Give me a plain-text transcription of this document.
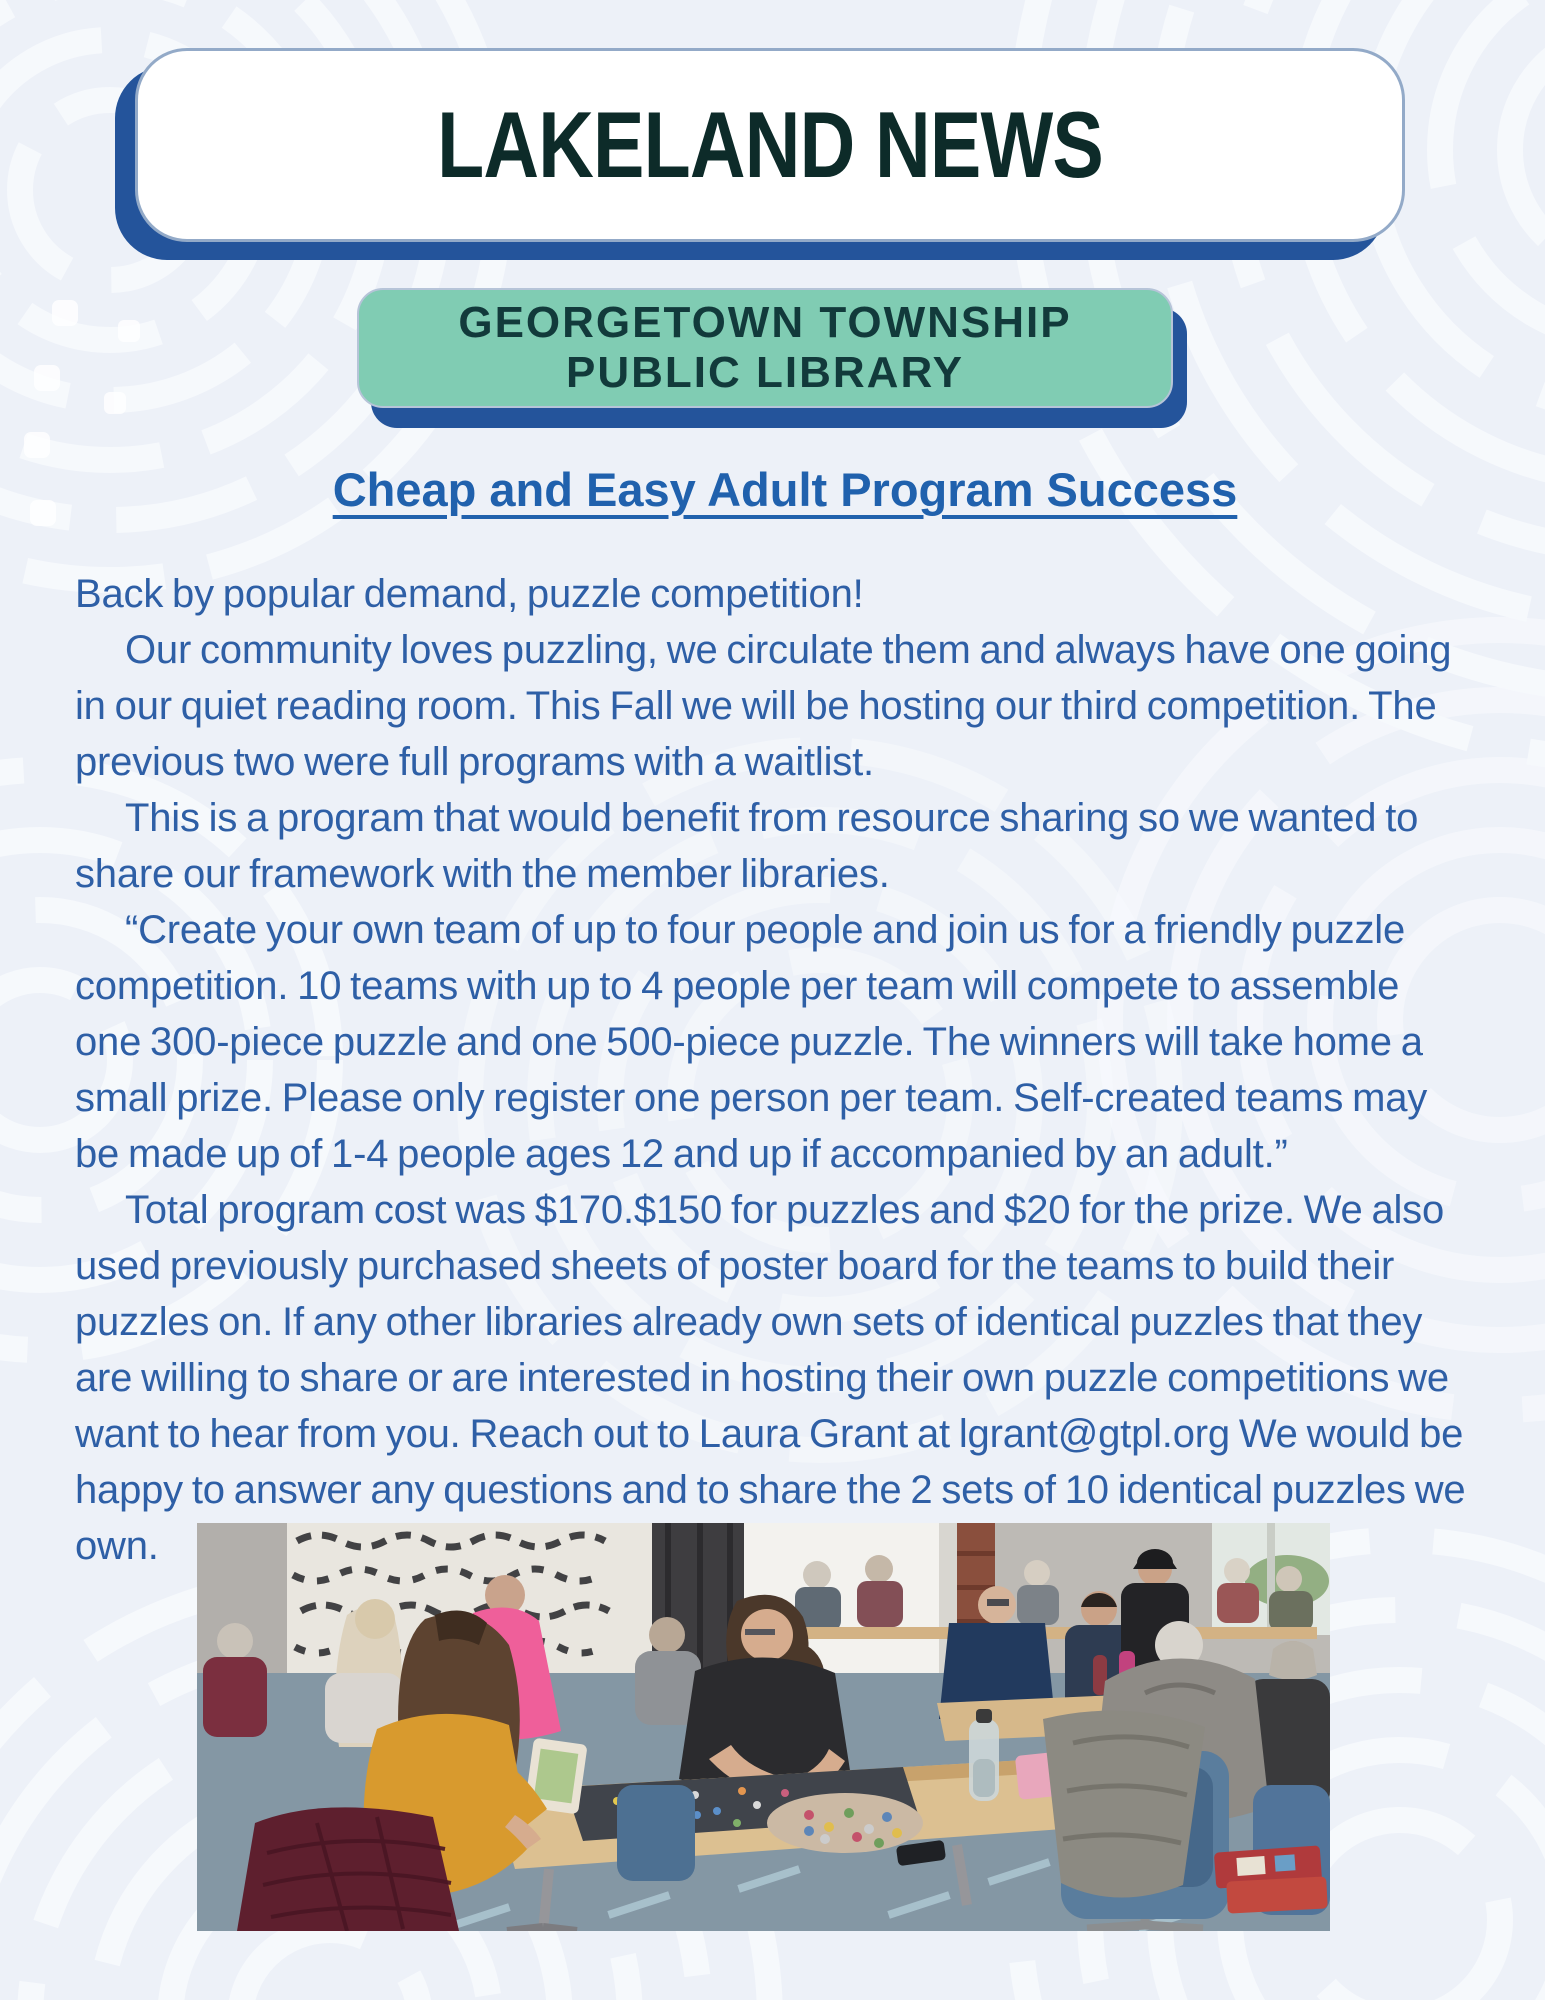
LAKELAND NEWS
GEORGETOWN TOWNSHIP
PUBLIC LIBRARY
Cheap and Easy Adult Program Success

Back by popular demand, puzzle competition!

Our community loves puzzling, we circulate them and always have one going in our quiet reading room. This Fall we will be hosting our third competition. The previous two were full programs with a waitlist.

This is a program that would benefit from resource sharing so we wanted to share our framework with the member libraries.

“Create your own team of up to four people and join us for a friendly puzzle competition. 10 teams with up to 4 people per team will compete to assemble one 300-piece puzzle and one 500-piece puzzle. The winners will take home a small prize. Please only register one person per team. Self-created teams may be made up of 1-4 people ages 12 and up if accompanied by an adult.”

Total program cost was $170.$150 for puzzles and $20 for the prize. We also used previously purchased sheets of poster board for the teams to build their puzzles on. If any other libraries already own sets of identical puzzles that they are willing to share or are interested in hosting their own puzzle competitions we want to hear from you. Reach out to Laura Grant at lgrant@gtpl.org We would be happy to answer any questions and to share the 2 sets of 10 identical puzzles we own.
